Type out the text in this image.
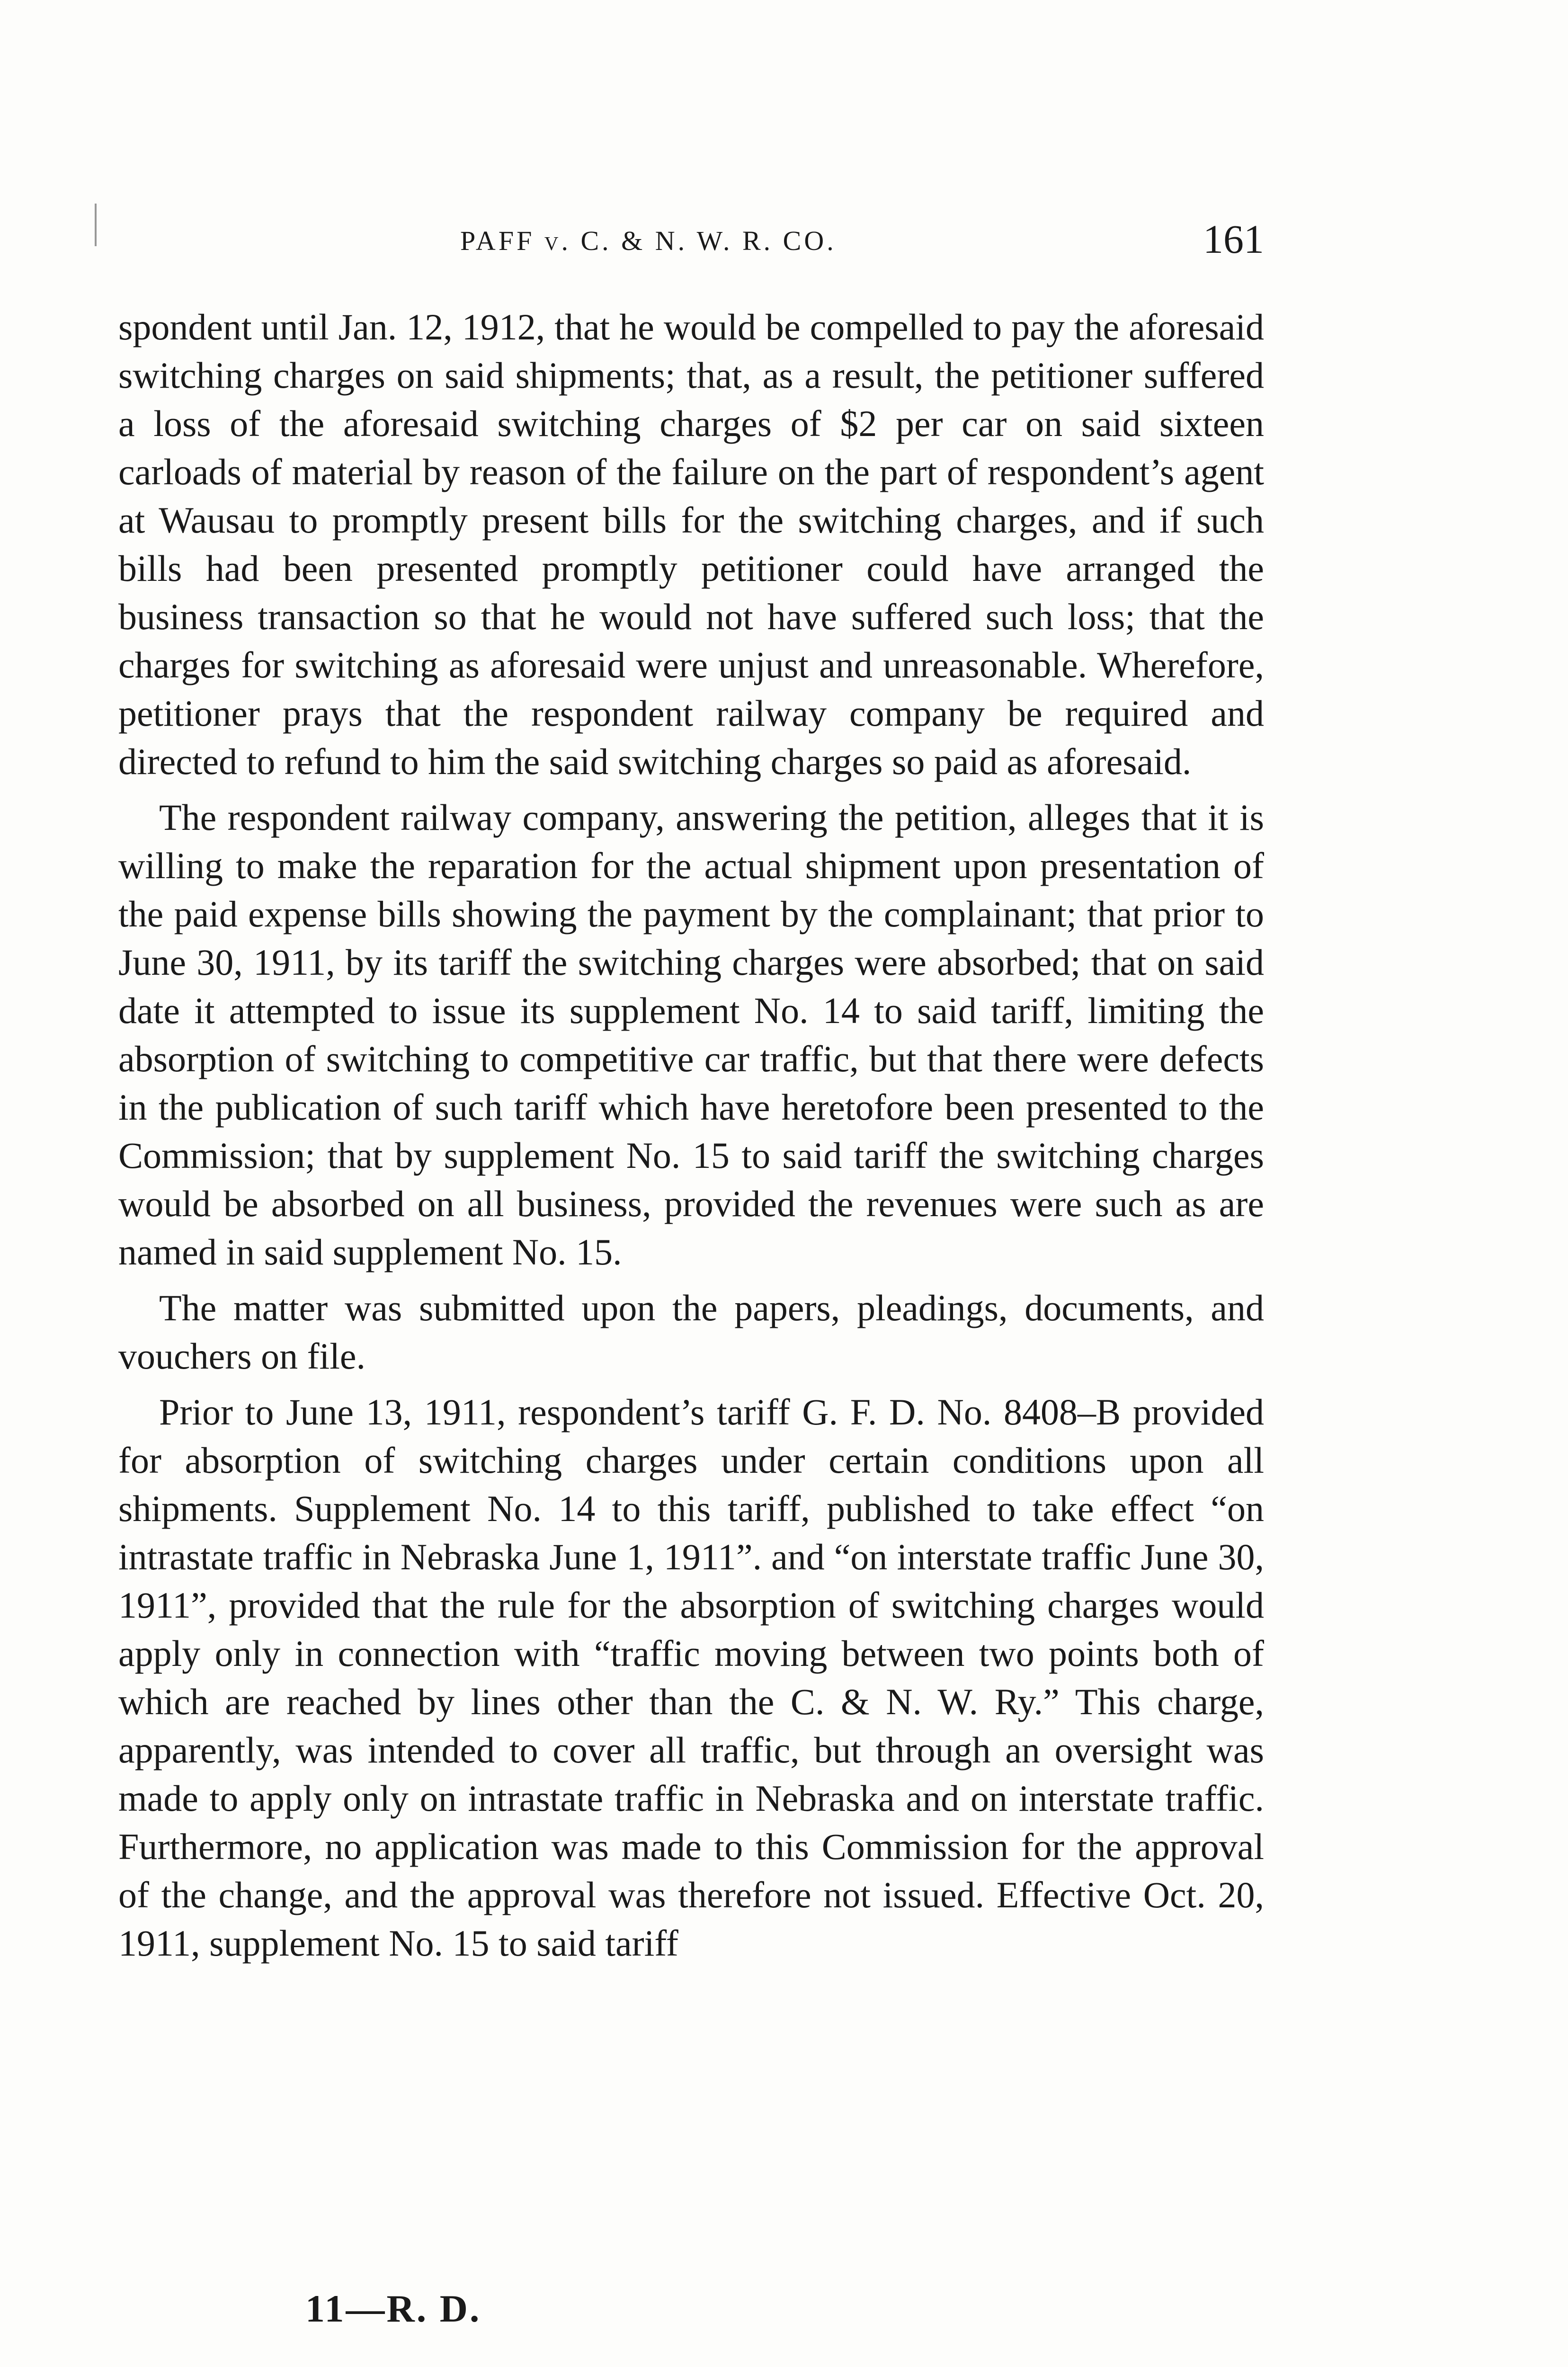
PAFF v. C. & N. W. R. CO.	161

spondent until Jan. 12, 1912, that he would be compelled to pay the aforesaid switching charges on said shipments; that, as a result, the petitioner suffered a loss of the aforesaid switching charges of $2 per car on said sixteen carloads of material by reason of the failure on the part of respondent’s agent at Wausau to promptly present bills for the switching charges, and if such bills had been presented promptly petitioner could have arranged the business transaction so that he would not have suffered such loss; that the charges for switching as aforesaid were unjust and unreasonable. Wherefore, petitioner prays that the respondent railway company be required and directed to refund to him the said switching charges so paid as aforesaid.

The respondent railway company, answering the petition, alleges that it is willing to make the reparation for the actual shipment upon presentation of the paid expense bills showing the payment by the complainant; that prior to June 30, 1911, by its tariff the switching charges were absorbed; that on said date it attempted to issue its supplement No. 14 to said tariff, limiting the absorption of switching to competitive car traffic, but that there were defects in the publication of such tariff which have heretofore been presented to the Commission; that by supplement No. 15 to said tariff the switching charges would be absorbed on all business, provided the revenues were such as are named in said supplement No. 15.

The matter was submitted upon the papers, pleadings, documents, and vouchers on file.

Prior to June 13, 1911, respondent’s tariff G. F. D. No. 8408–B provided for absorption of switching charges under certain conditions upon all shipments. Supplement No. 14 to this tariff, published to take effect “on intrastate traffic in Nebraska June 1, 1911”. and “on interstate traffic June 30, 1911”, provided that the rule for the absorption of switching charges would apply only in connection with “traffic moving between two points both of which are reached by lines other than the C. & N. W. Ry.” This charge, apparently, was intended to cover all traffic, but through an oversight was made to apply only on intrastate traffic in Nebraska and on interstate traffic. Furthermore, no application was made to this Commission for the approval of the change, and the approval was therefore not issued. Effective Oct. 20, 1911, supplement No. 15 to said tariff

11—R. D.
